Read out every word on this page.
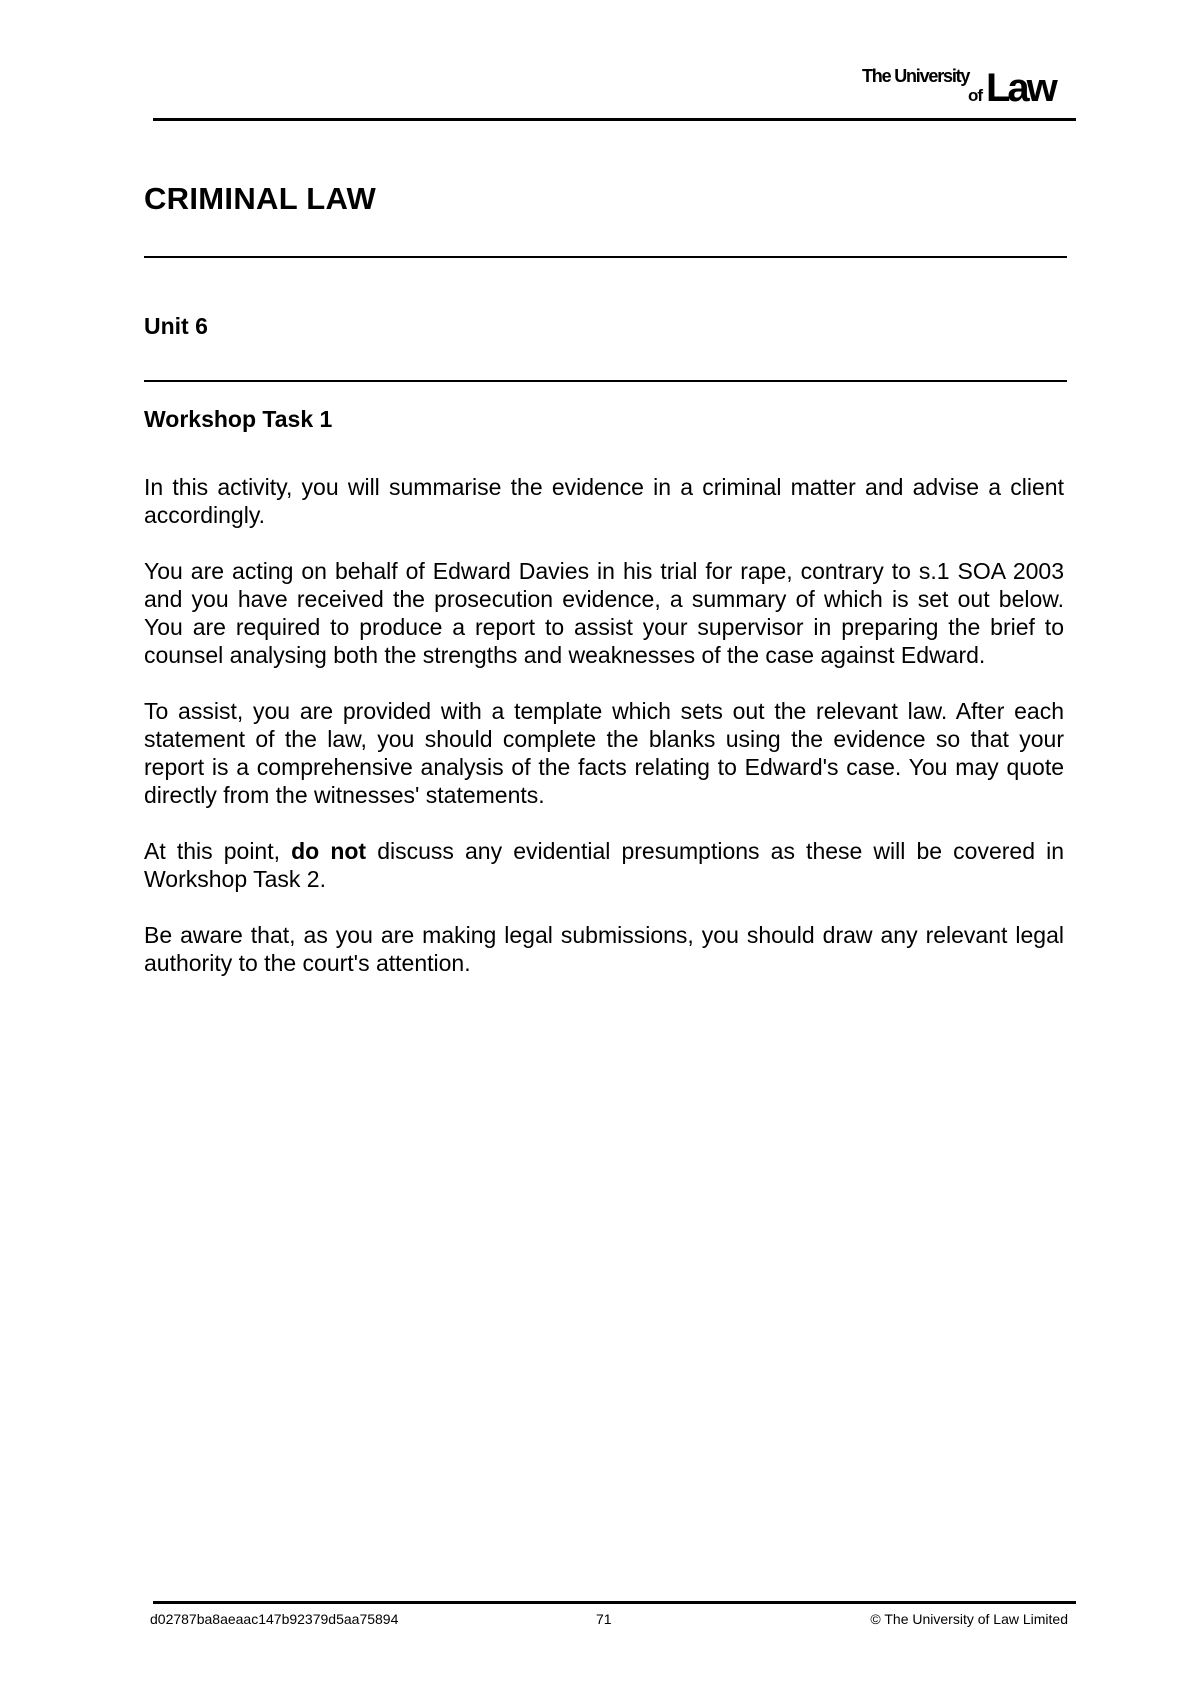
The University
of Law
CRIMINAL LAW
Unit 6
Workshop Task 1

In this activity, you will summarise the evidence in a criminal matter and advise a client accordingly.

You are acting on behalf of Edward Davies in his trial for rape, contrary to s.1 SOA 2003 and you have received the prosecution evidence, a summary of which is set out below. You are required to produce a report to assist your supervisor in preparing the brief to counsel analysing both the strengths and weaknesses of the case against Edward.

To assist, you are provided with a template which sets out the relevant law. After each statement of the law, you should complete the blanks using the evidence so that your report is a comprehensive analysis of the facts relating to Edward's case. You may quote directly from the witnesses' statements.

At this point, do not discuss any evidential presumptions as these will be covered in Workshop Task 2.

Be aware that, as you are making legal submissions, you should draw any relevant legal authority to the court's attention.

d02787ba8aeaac147b92379d5aa75894	71	© The University of Law Limited
